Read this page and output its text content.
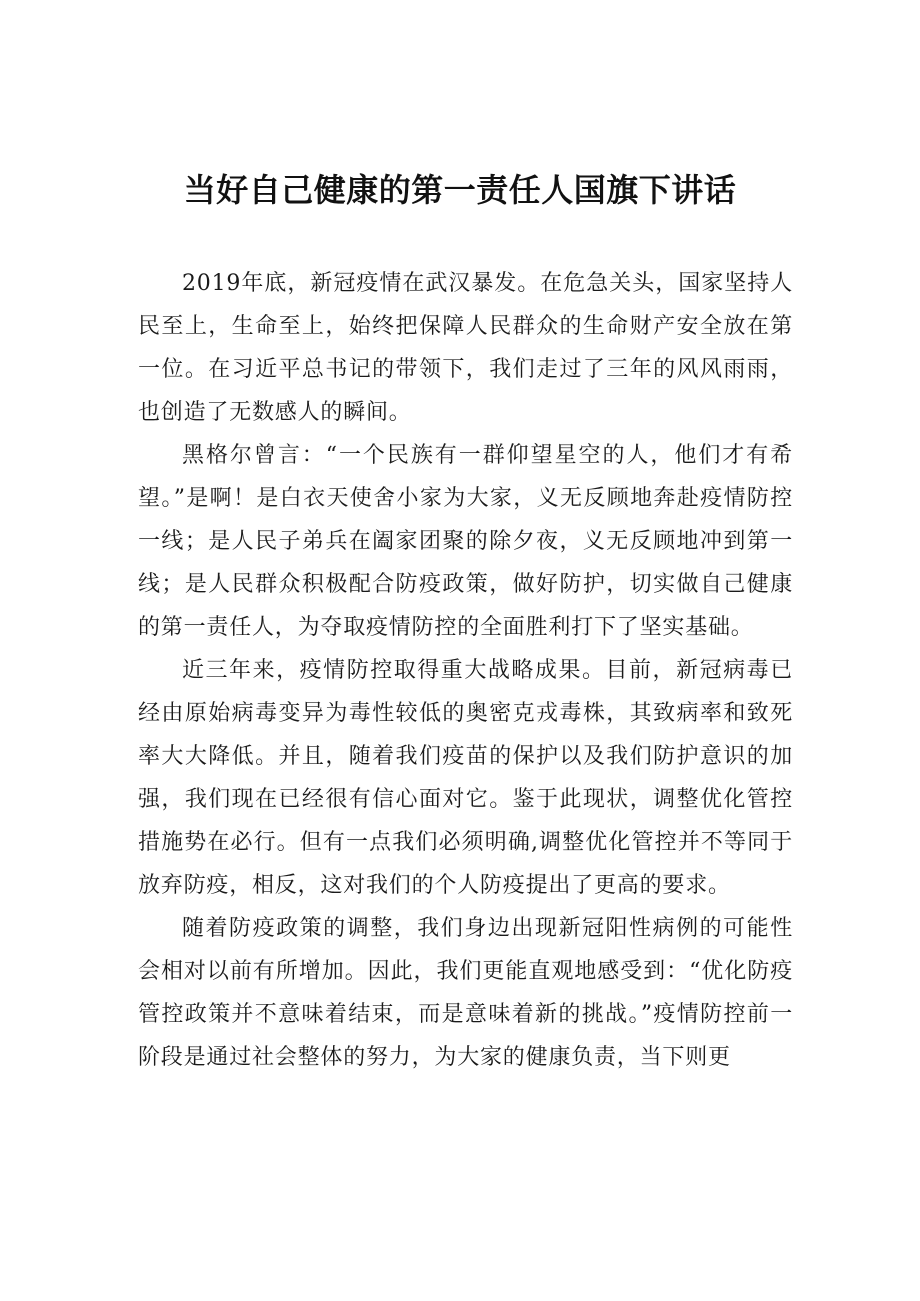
当好自己健康的第一责任人国旗下讲话

2019年底，新冠疫情在武汉暴发。在危急关头，国家坚持人民至上，生命至上，始终把保障人民群众的生命财产安全放在第一位。在习近平总书记的带领下，我们走过了三年的风风雨雨，也创造了无数感人的瞬间。

黑格尔曾言：“一个民族有一群仰望星空的人，他们才有希望。”是啊！是白衣天使舍小家为大家，义无反顾地奔赴疫情防控一线；是人民子弟兵在阖家团聚的除夕夜，义无反顾地冲到第一线；是人民群众积极配合防疫政策，做好防护，切实做自己健康的第一责任人，为夺取疫情防控的全面胜利打下了坚实基础。

近三年来，疫情防控取得重大战略成果。目前，新冠病毒已经由原始病毒变异为毒性较低的奥密克戎毒株，其致病率和致死率大大降低。并且，随着我们疫苗的保护以及我们防护意识的加强，我们现在已经很有信心面对它。鉴于此现状，调整优化管控措施势在必行。但有一点我们必须明确,调整优化管控并不等同于放弃防疫，相反，这对我们的个人防疫提出了更高的要求。

随着防疫政策的调整，我们身边出现新冠阳性病例的可能性会相对以前有所增加。因此，我们更能直观地感受到：“优化防疫管控政策并不意味着结束，而是意味着新的挑战。”疫情防控前一阶段是通过社会整体的努力，为大家的健康负责，当下则更
